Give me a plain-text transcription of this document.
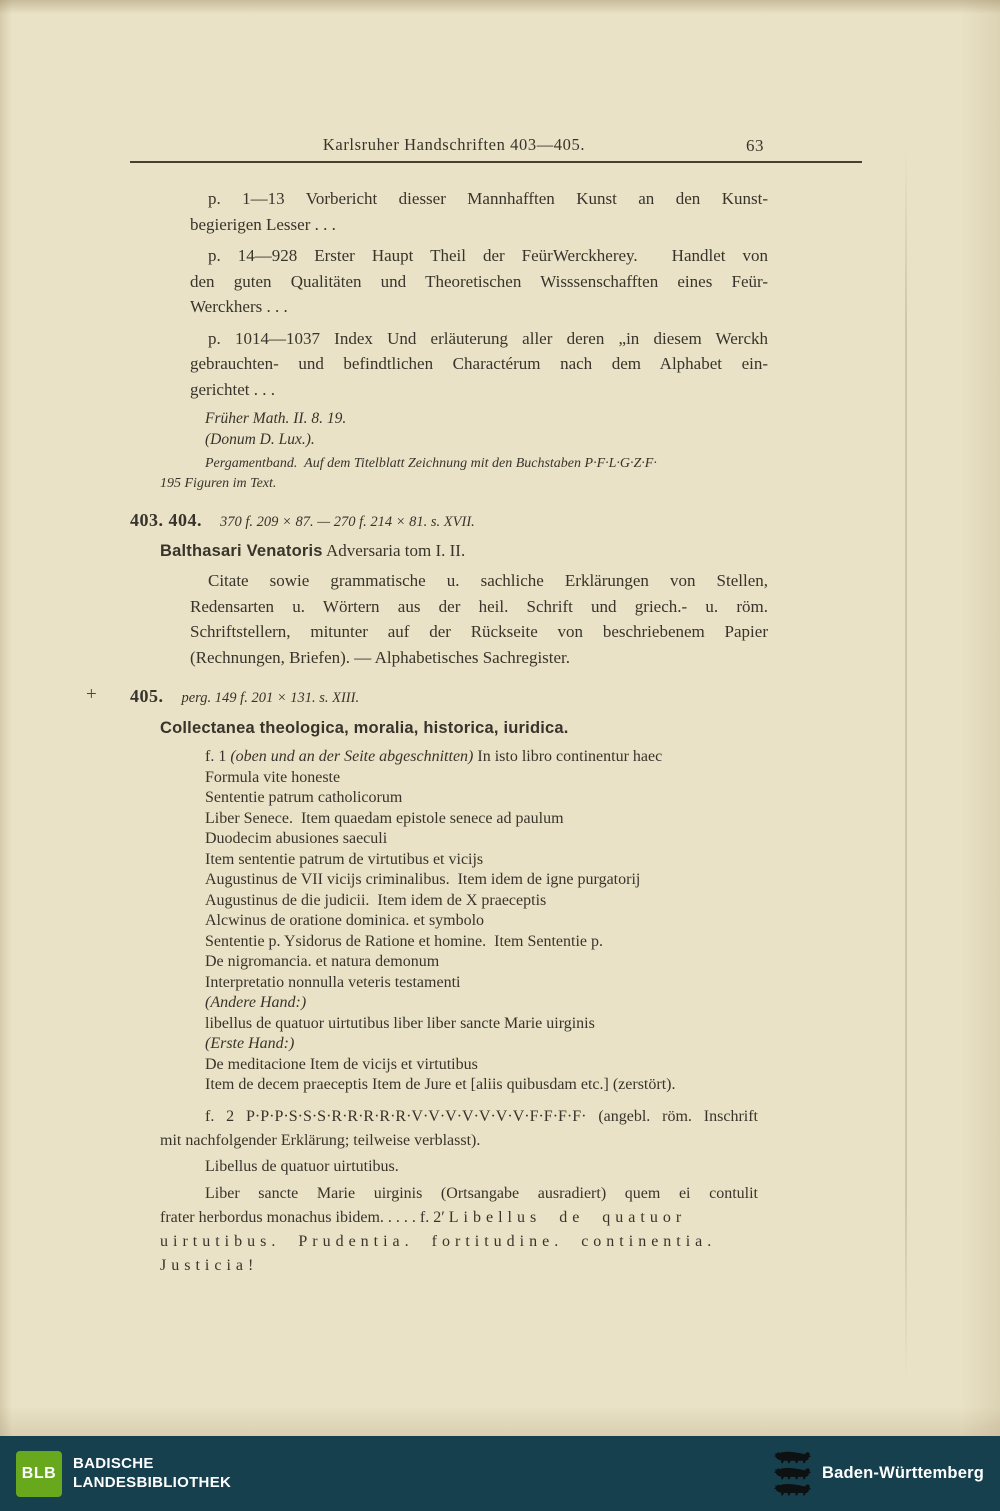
Karlsruher Handschriften 403—405.	63
p. 1—13 Vorbericht diesser Mannhafften Kunst an den Kunst-
begierigen Lesser . . .
p. 14—928 Erster Haupt Theil der FeürWerckherey.  Handlet von
den guten Qualitäten und Theoretischen Wisssenschafften eines Feür-
Werckhers . . .
p. 1014—1037 Index Und erläuterung aller deren „in diesem Werckh
gebrauchten- und befindtlichen Charactérum nach dem Alphabet ein-
gerichtet . . .
Früher Math. II. 8. 19.
(Donum D. Lux.).
Pergamentband.  Auf dem Titelblatt Zeichnung mit den Buchstaben P·F·L·G·Z·F·
195 Figuren im Text.
403. 404. 370 f. 209 × 87. — 270 f. 214 × 81. s. XVII.
Balthasari Venatoris Adversaria tom I. II.
Citate sowie grammatische u. sachliche Erklärungen von Stellen,
Redensarten u. Wörtern aus der heil. Schrift und griech.- u. röm.
Schriftstellern, mitunter auf der Rückseite von beschriebenem Papier
(Rechnungen, Briefen). — Alphabetisches Sachregister.
+ 405. perg. 149 f. 201 × 131. s. XIII.
Collectanea theologica, moralia, historica, iuridica.
f. 1 (oben und an der Seite abgeschnitten) In isto libro continentur haec
Formula vite honeste
Sententie patrum catholicorum
Liber Senece.  Item quaedam epistole senece ad paulum
Duodecim abusiones saeculi
Item sententie patrum de virtutibus et vicijs
Augustinus de VII vicijs criminalibus.  Item idem de igne purgatorij
Augustinus de die judicii.  Item idem de X praeceptis
Alcwinus de oratione dominica. et symbolo
Sententie p. Ysidorus de Ratione et homine.  Item Sententie p.
De nigromancia. et natura demonum
Interpretatio nonnulla veteris testamenti
(Andere Hand:)
libellus de quatuor uirtutibus liber liber sancte Marie uirginis
(Erste Hand:)
De meditacione Item de vicijs et virtutibus
Item de decem praeceptis Item de Jure et [aliis quibusdam etc.] (zerstört).
f. 2 P·P·P·S·S·S·R·R·R·R·R·V·V·V·V·V·V·V·F·F·F·F· (angebl. röm. Inschrift
mit nachfolgender Erklärung; teilweise verblasst).
Libellus de quatuor uirtutibus.
Liber sancte Marie uirginis (Ortsangabe ausradiert) quem ei contulit
frater herbordus monachus ibidem. . . . . f. 2′ Libellus de quatuor
uirtutibus. Prudentia. fortitudine. continentia. Justicia!
BLB
BADISCHE
LANDESBIBLIOTHEK	Baden-Württemberg
